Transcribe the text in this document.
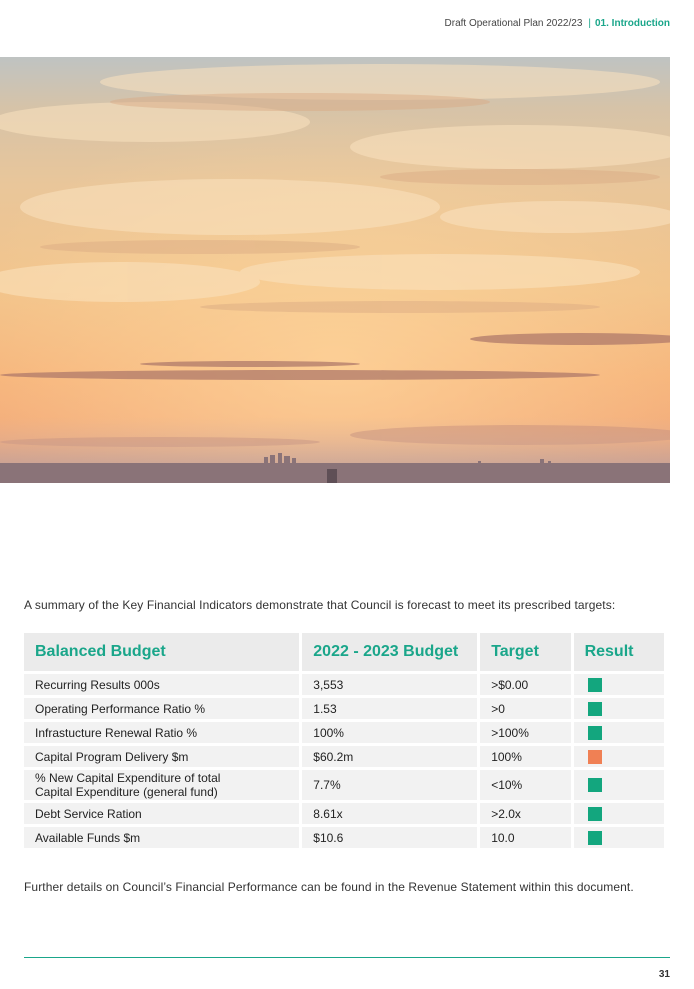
Draft Operational Plan 2022/23 | 01. Introduction
A summary of the Key Financial Indicators demonstrate that Council is forecast to meet its prescribed targets:
Balanced Budget	2022 - 2023 Budget	Target	Result
Recurring Results 000s	3,553	>$0.00	
Operating Performance Ratio %	1.53	>0	
Infrastucture Renewal Ratio %	100%	>100%	
Capital Program Delivery $m	$60.2m	100%	
% New Capital Expenditure of total
Capital Expenditure (general fund)	7.7%	<10%	
Debt Service Ration	8.61x	>2.0x	
Available Funds $m	$10.6	10.0	
Further details on Council’s Financial Performance can be found in the Revenue Statement within this document.
31
